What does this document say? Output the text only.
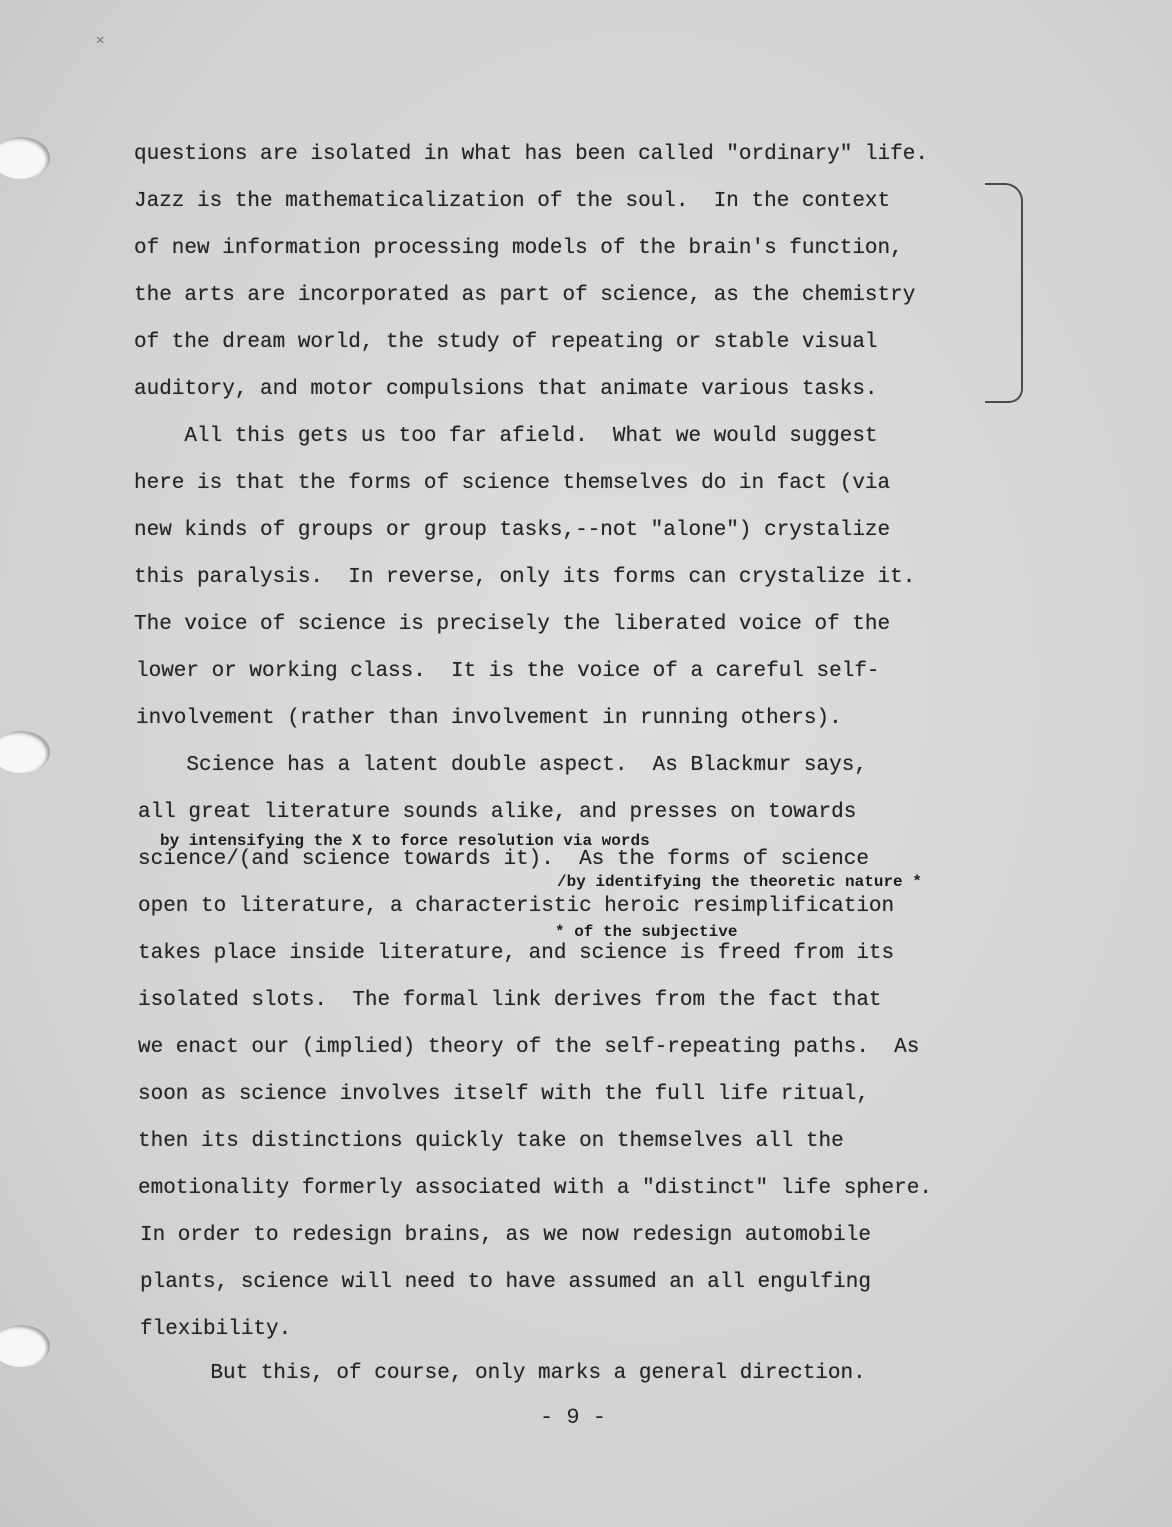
✕

questions are isolated in what has been called "ordinary" life.

Jazz is the mathematicalization of the soul.  In the context

of new information processing models of the brain's function,

the arts are incorporated as part of science, as the chemistry

of the dream world, the study of repeating or stable visual

auditory, and motor compulsions that animate various tasks.

All this gets us too far afield.  What we would suggest

here is that the forms of science themselves do in fact (via

new kinds of groups or group tasks,--not "alone") crystalize

this paralysis.  In reverse, only its forms can crystalize it.

The voice of science is precisely the liberated voice of the

lower or working class.  It is the voice of a careful self-

involvement (rather than involvement in running others).

Science has a latent double aspect.  As Blackmur says,

all great literature sounds alike, and presses on towards

by intensifying the X to force resolution via words

science/(and science towards it).  As the forms of science

/by identifying the theoretic nature *

open to literature, a characteristic heroic resimplification

* of the subjective

takes place inside literature, and science is freed from its

isolated slots.  The formal link derives from the fact that

we enact our (implied) theory of the self-repeating paths.  As

soon as science involves itself with the full life ritual,

then its distinctions quickly take on themselves all the

emotionality formerly associated with a "distinct" life sphere.

In order to redesign brains, as we now redesign automobile

plants, science will need to have assumed an all engulfing

flexibility.

But this, of course, only marks a general direction.

- 9 -
